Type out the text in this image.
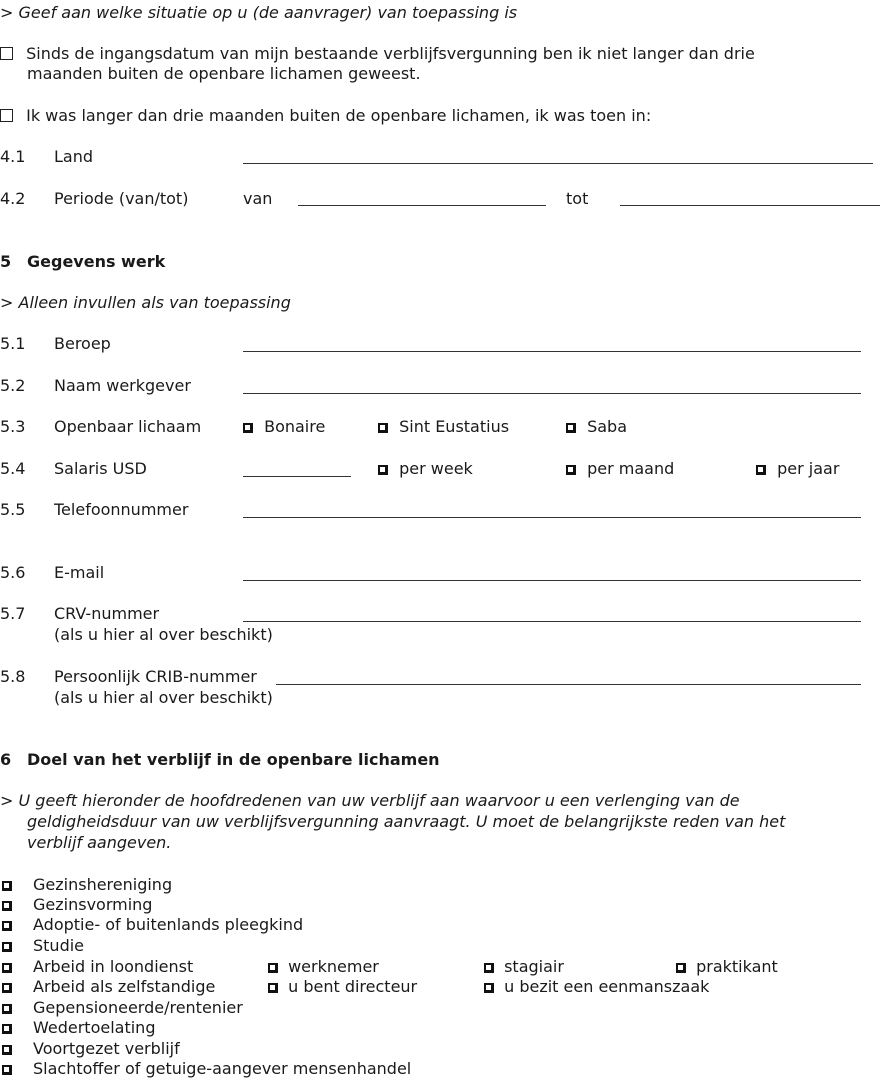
> Geef aan welke situatie op u (de aanvrager) van toepassing is
Sinds de ingangsdatum van mijn bestaande verblijfsvergunning ben ik niet langer dan drie
maanden buiten de openbare lichamen geweest.
Ik was langer dan drie maanden buiten de openbare lichamen, ik was toen in:
4.1 Land
4.2 Periode (van/tot)	van	tot
5 Gegevens werk
> Alleen invullen als van toepassing
5.1 Beroep
5.2 Naam werkgever
5.3 Openbaar lichaam	Bonaire	Sint Eustatius	Saba
5.4 Salaris USD	per week	per maand	per jaar
5.5 Telefoonnummer
5.6 E-mail
5.7 CRV-nummer
(als u hier al over beschikt)
5.8 Persoonlijk CRIB-nummer
(als u hier al over beschikt)
6 Doel van het verblijf in de openbare lichamen
> U geeft hieronder de hoofdredenen van uw verblijf aan waarvoor u een verlenging van de
geldigheidsduur van uw verblijfsvergunning aanvraagt. U moet de belangrijkste reden van het
verblijf aangeven.
Gezinshereniging
Gezinsvorming
Adoptie- of buitenlands pleegkind
Studie
Arbeid in loondienst	werknemer	stagiair	praktikant
Arbeid als zelfstandige	u bent directeur	u bezit een eenmanszaak
Gepensioneerde/rentenier
Wedertoelating
Voortgezet verblijf
Slachtoffer of getuige-aangever mensenhandel
